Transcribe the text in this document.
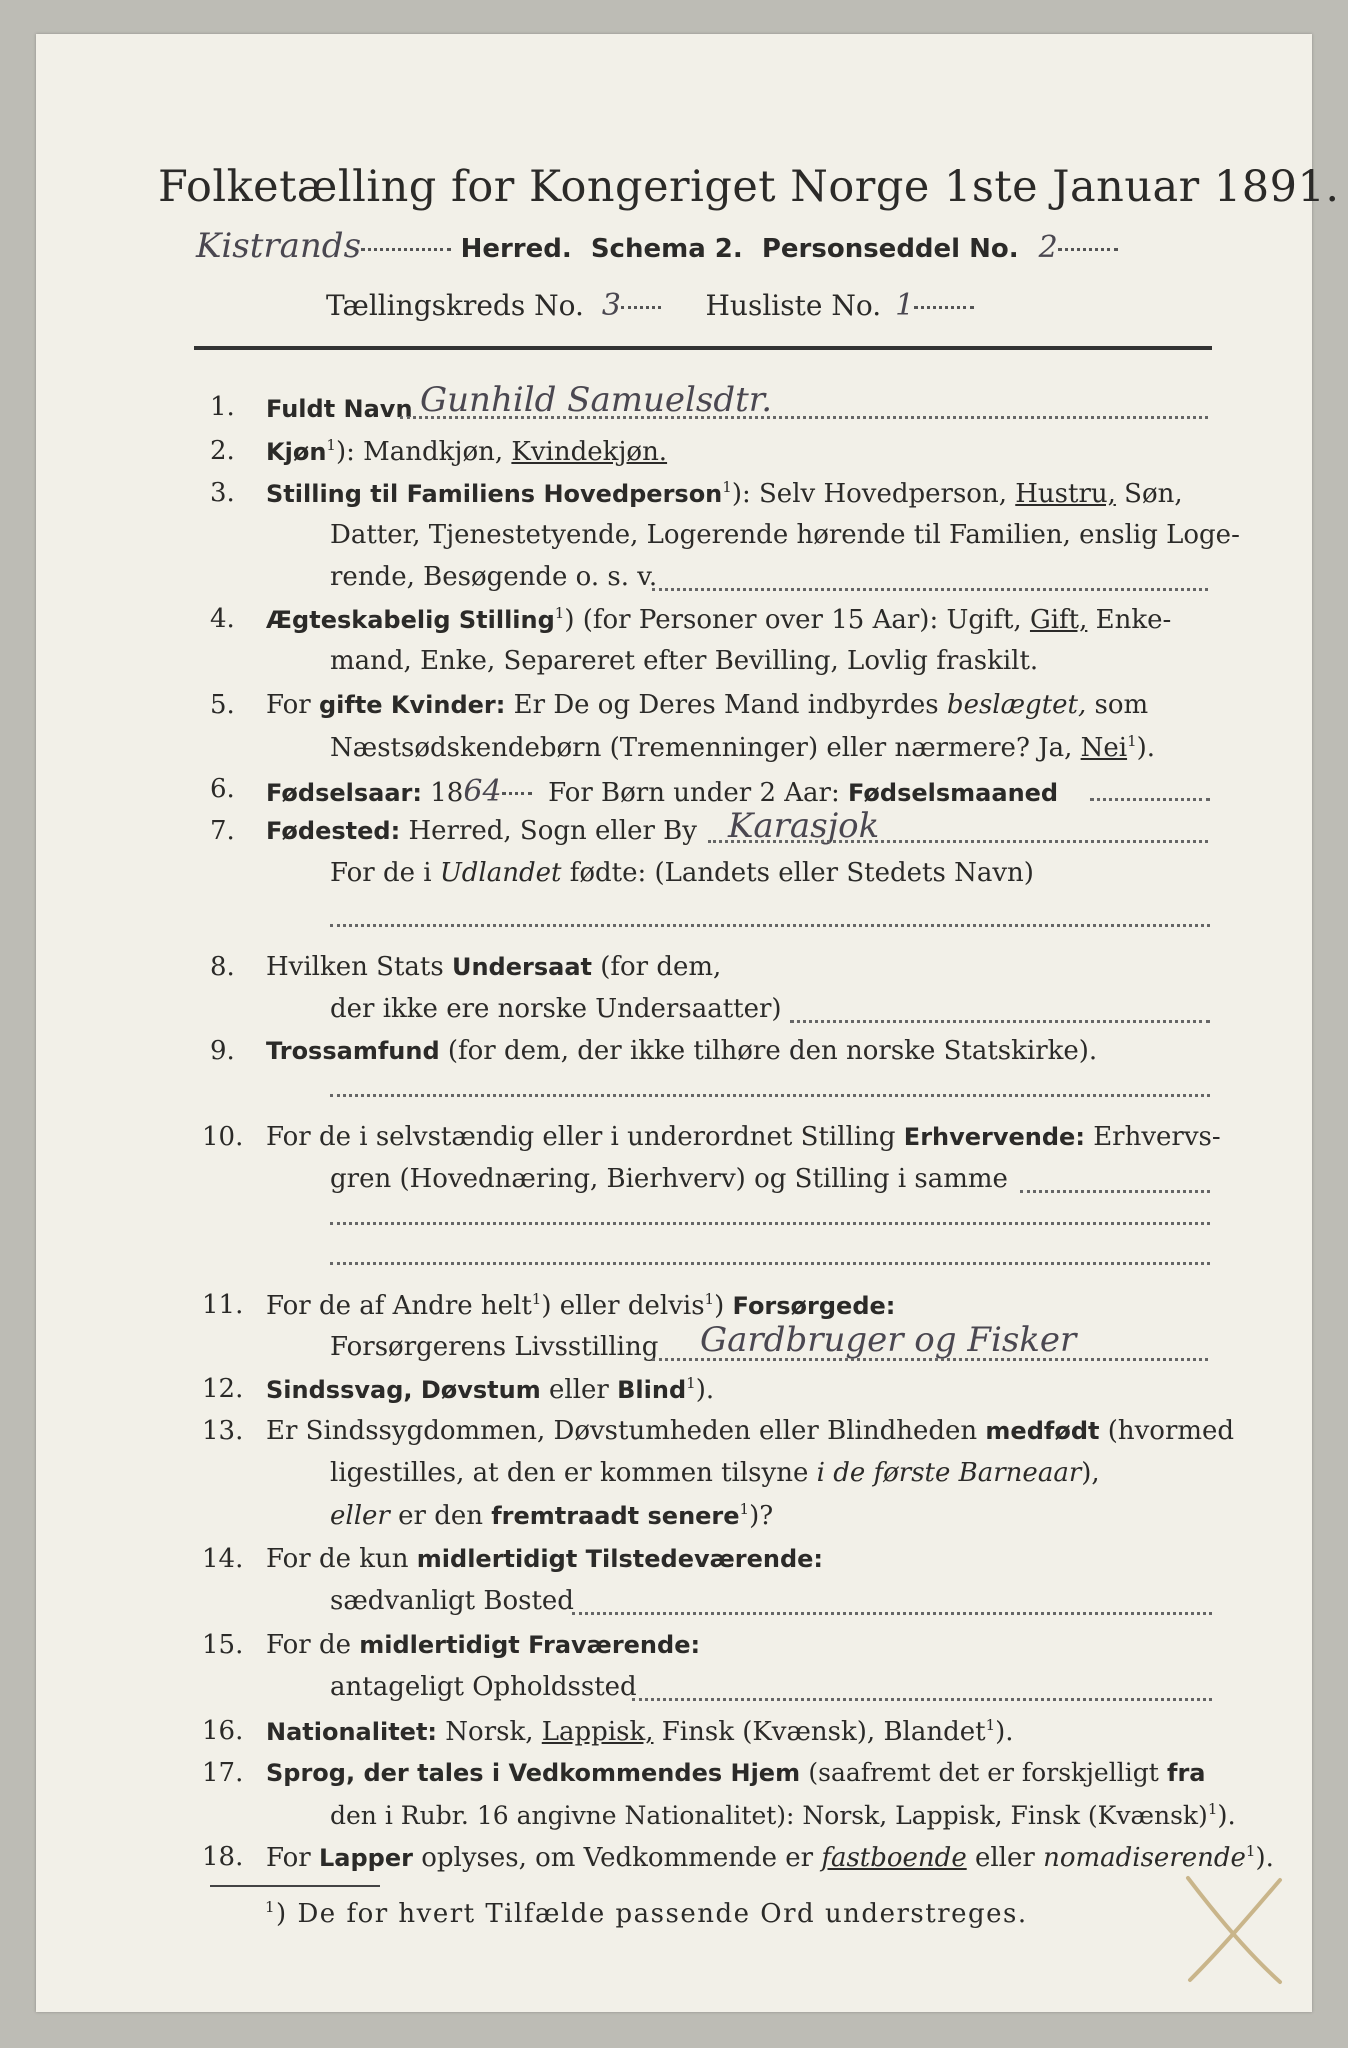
Folketælling for Kongeriget Norge 1ste Januar 1891.
Kistrands	Herred. Schema 2. Personseddel No. 2
Tællingskreds No. 3	Husliste No. 1
1.	Fuldt Navn Gunhild Samuelsdtr.
2.	Kjøn$^1$): Mandkjøn, Kvindekjøn.
3.	Stilling til Familiens Hovedperson$^1$): Selv Hovedperson, Hustru, Søn,
Datter, Tjenestetyende, Logerende hørende til Familien, enslig Loge-
rende, Besøgende o. s. v.
4.	Ægteskabelig Stilling$^1$) (for Personer over 15 Aar): Ugift, Gift, Enke-
mand, Enke, Separeret efter Bevilling, Lovlig fraskilt.
5.	For gifte Kvinder: Er De og Deres Mand indbyrdes beslægtet, som
Næstsødskendebørn (Tremenninger) eller nærmere? Ja, Nei$^1$).
6.	Fødselsaar: 1864 For Børn under 2 Aar: Fødselsmaaned
7.	Fødested: Herred, Sogn eller By Karasjok
For de i Udlandet fødte: (Landets eller Stedets Navn)
8.	Hvilken Stats Undersaat (for dem,
der ikke ere norske Undersaatter)
9.	Trossamfund (for dem, der ikke tilhøre den norske Statskirke).
10. For de i selvstændig eller i underordnet Stilling Erhvervende: Erhvervs-
gren (Hovednæring, Bierhverv) og Stilling i samme
11. For de af Andre helt$^1$) eller delvis$^1$) Forsørgede:
Forsørgerens Livsstilling Gardbruger og Fisker
12. Sindssvag, Døvstum eller Blind$^1$).
13. Er Sindssygdommen, Døvstumheden eller Blindheden medfødt (hvormed
ligestilles, at den er kommen tilsyne i de første Barneaar),
eller er den fremtraadt senere$^1$)?
14. For de kun midlertidigt Tilstedeværende:
sædvanligt Bosted
15. For de midlertidigt Fraværende:
antageligt Opholdssted
16. Nationalitet: Norsk, Lappisk, Finsk (Kvænsk), Blandet$^1$).
17. Sprog, der tales i Vedkommendes Hjem (saafremt det er forskjelligt fra
den i Rubr. 16 angivne Nationalitet): Norsk, Lappisk, Finsk (Kvænsk)$^1$).
18. For Lapper oplyses, om Vedkommende er fastboende eller nomadiserende$^1$).
$^1$) De for hvert Tilfælde passende Ord understreges.
